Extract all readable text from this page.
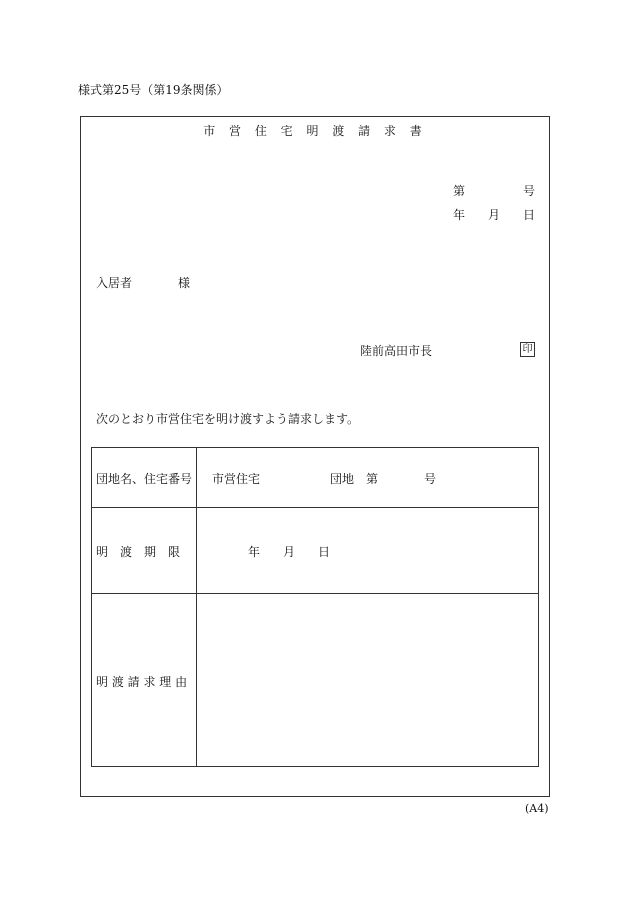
様式第25号（第19条関係）
市 営 住 宅 明 渡 請 求 書
第	号
年 月 日
入居者	様
陸前高田市長	印
次のとおり市営住宅を明け渡すよう請求します。
団地名、住宅番号 市営住宅	団地　第	号
明　渡　期　限	年 月 日
明 渡 請 求 理 由
(A4)
